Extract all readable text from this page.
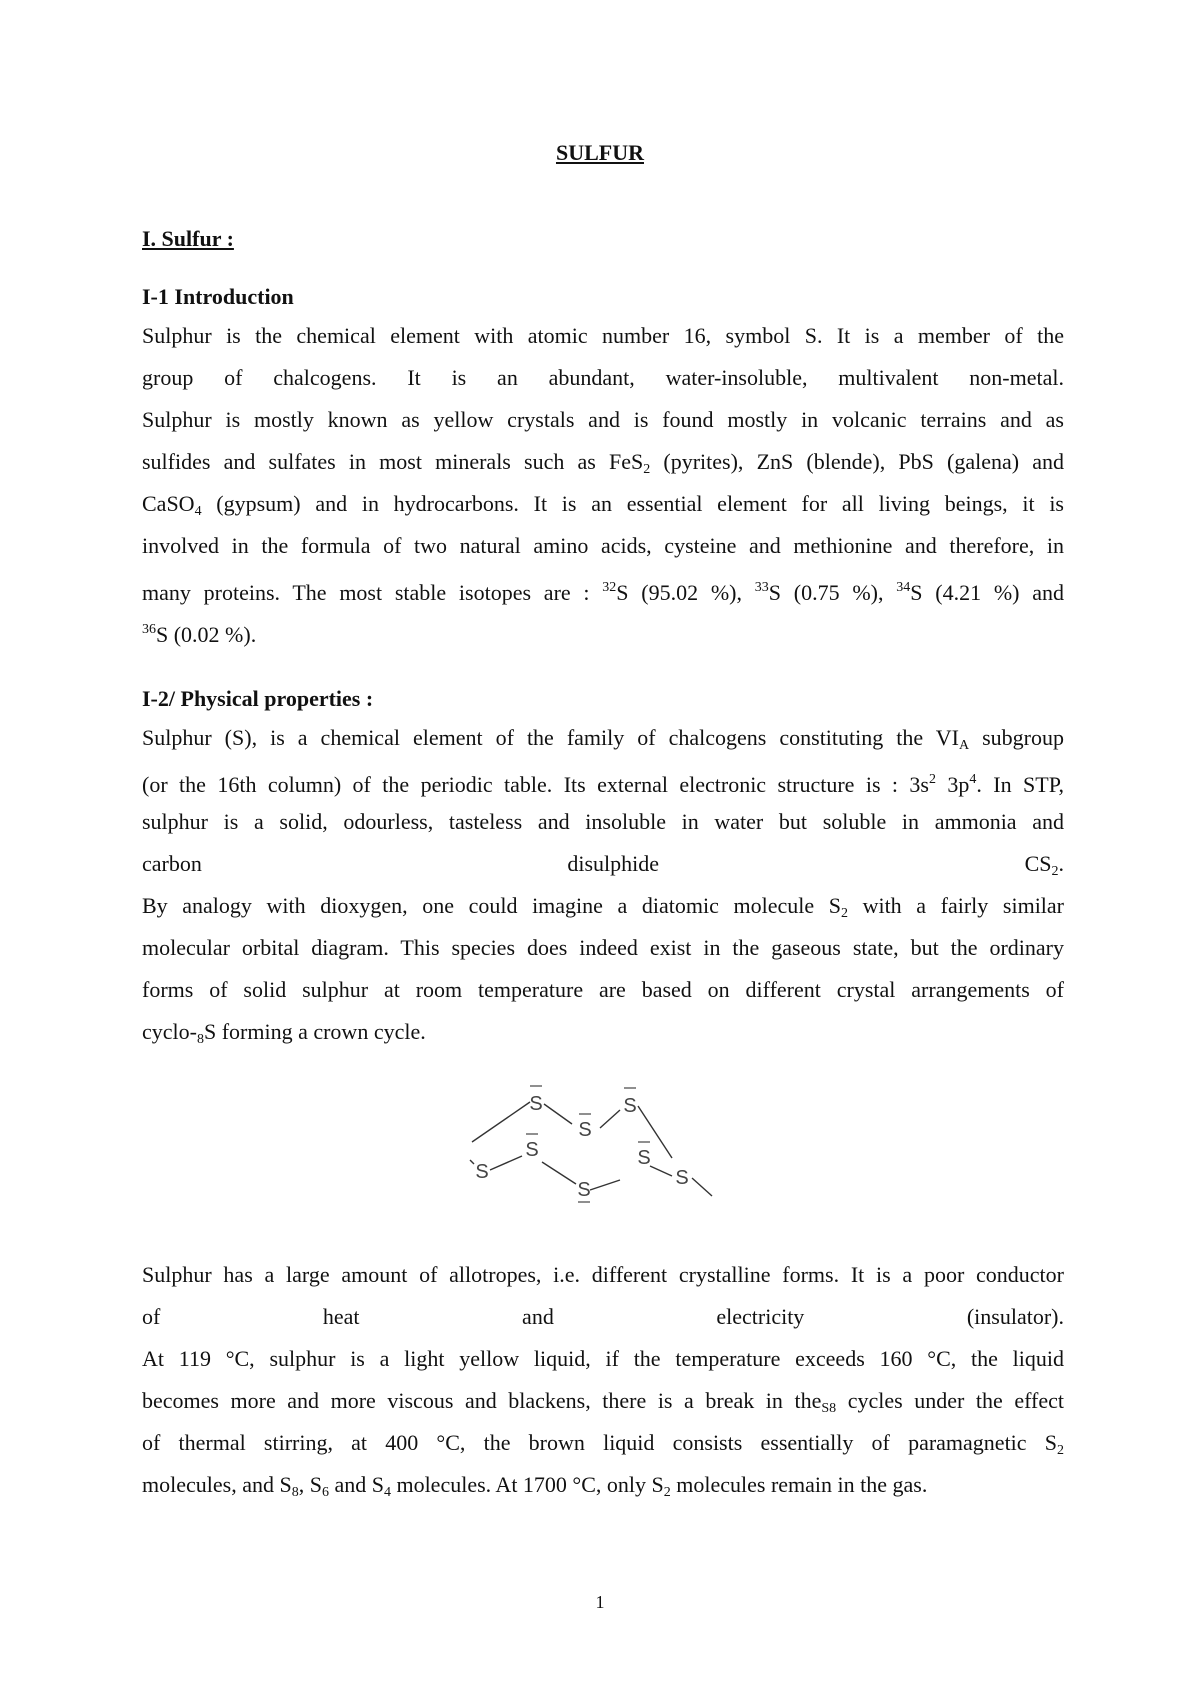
SULFUR
I. Sulfur :
I-1 Introduction
Sulphur is the chemical element with atomic number 16, symbol S. It is a member of the
group of chalcogens. It is an abundant, water-insoluble, multivalent non-metal.
Sulphur is mostly known as yellow crystals and is found mostly in volcanic terrains and as
sulfides and sulfates in most minerals such as FeS$_2$ (pyrites), ZnS (blende), PbS (galena) and
CaSO$_4$ (gypsum) and in hydrocarbons. It is an essential element for all living beings, it is
involved in the formula of two natural amino acids, cysteine and methionine and therefore, in
many proteins. The most stable isotopes are : $^{32}$S (95.02 %), $^{33}$S (0.75 %), $^{34}$S (4.21 %) and
$^{36}$S (0.02 %).
I-2/ Physical properties :
Sulphur (S), is a chemical element of the family of chalcogens constituting the $VI_A$ subgroup
(or the 16th column) of the periodic table. Its external electronic structure is : $3s^2$ $3p^4$. In STP,
sulphur is a solid, odourless, tasteless and insoluble in water but soluble in ammonia and
carbon disulphide $CS_2$.
By analogy with dioxygen, one could imagine a diatomic molecule $S_2$ with a fairly similar
molecular orbital diagram. This species does indeed exist in the gaseous state, but the ordinary
forms of solid sulphur at room temperature are based on different crystal arrangements of
cyclo-$_8S$ forming a crown cycle.
S	S
S
S	S
S	S
S
Sulphur has a large amount of allotropes, i.e. different crystalline forms. It is a poor conductor
of heat and electricity (insulator).
At 119 °C, sulphur is a light yellow liquid, if the temperature exceeds 160 °C, the liquid
becomes more and more viscous and blackens, there is a break in the$_{S8}$ cycles under the effect
of thermal stirring, at 400 °C, the brown liquid consists essentially of paramagnetic $S_2$
molecules, and $S_8$, $S_6$ and $S_4$ molecules. At 1700 °C, only $S_2$ molecules remain in the gas.
1
